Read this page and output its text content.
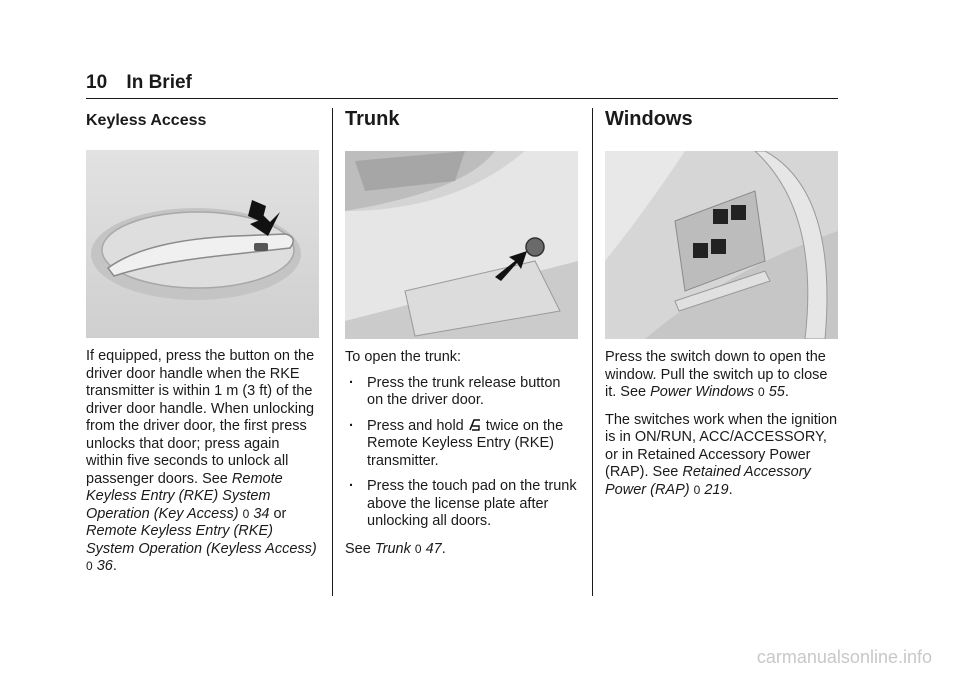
10 In Brief
Keyless Access

If equipped, press the button on the driver door handle when the RKE transmitter is within 1 m (3 ft) of the driver door handle. When unlocking from the driver door, the first press unlocks that door; press again within five seconds to unlock all passenger doors. See Remote Keyless Entry (RKE) System Operation (Key Access) 0 34 or Remote Keyless Entry (RKE) System Operation (Keyless Access) 0 36.

Trunk

To open the trunk:

. Press the trunk release button on the driver door.
. Press and hold  twice on the Remote Keyless Entry (RKE) transmitter.
. Press the touch pad on the trunk above the license plate after unlocking all doors.

See Trunk 0 47.

Windows

Press the switch down to open the window. Pull the switch up to close it. See Power Windows 0 55.

The switches work when the ignition is in ON/RUN, ACC/ACCESSORY, or in Retained Accessory Power (RAP). See Retained Accessory Power (RAP) 0 219.

carmanualsonline.info
